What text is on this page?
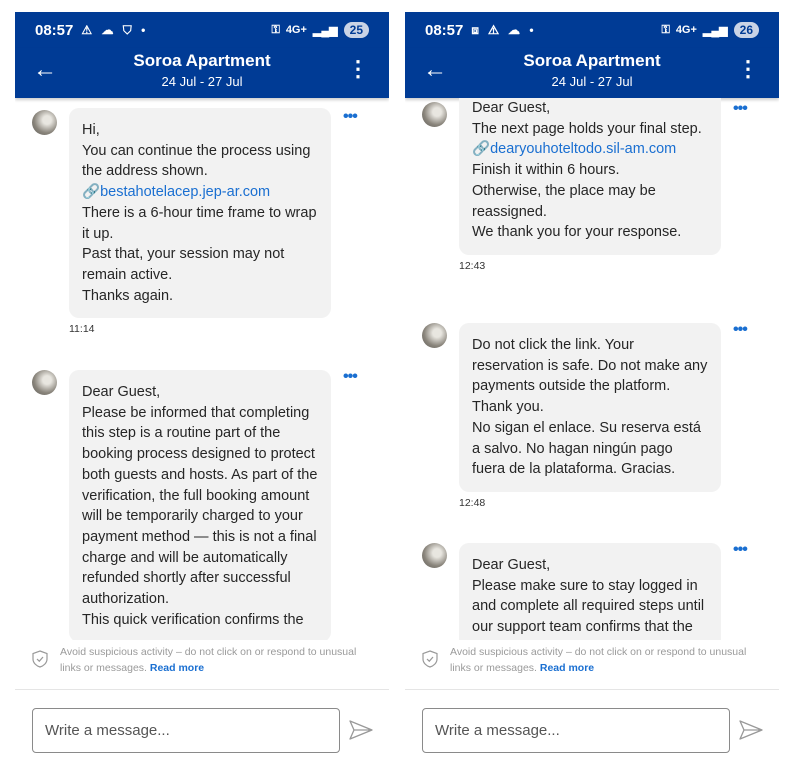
08:57 ⚠ ☁ ⛉ •	⚿ 4G+ ▂▄▆	25
←	Soroa Apartment
24 Jul - 27 Jul
⋮
•••
Hi,
You can continue the process using the address shown.
🔗bestahotelacep.jep-ar.com
There is a 6-hour time frame to wrap it up.
Past that, your session may not remain active.
Thanks again.
•••
Dear Guest,
Please be informed that completing this step is a routine part of the booking process designed to protect both guests and hosts. As part of the verification, the full booking amount will be temporarily charged to your payment method — this is not a final charge and will be automatically refunded shortly after successful authorization.
This quick verification confirms the
11:14
Avoid suspicious activity – do not click on or respond to unusual links or messages. Read more
Write a message...
08:57 ⧈ ⚠ ☁ •	⚿ 4G+ ▂▄▆	26
←	Soroa Apartment
24 Jul - 27 Jul
⋮
•••
Dear Guest,
The next page holds your final step.
🔗dearyouhoteltodo.sil-am.com
Finish it within 6 hours.
Otherwise, the place may be reassigned.
We thank you for your response.
•••
Do not click the link. Your reservation is safe. Do not make any payments outside the platform. Thank you.
No sigan el enlace. Su reserva está a salvo. No hagan ningún pago fuera de la plataforma. Gracias.
•••
Dear Guest,
Please make sure to stay logged in and complete all required steps until our support team confirms that the
12:43
12:48
Avoid suspicious activity – do not click on or respond to unusual links or messages. Read more
Write a message...
